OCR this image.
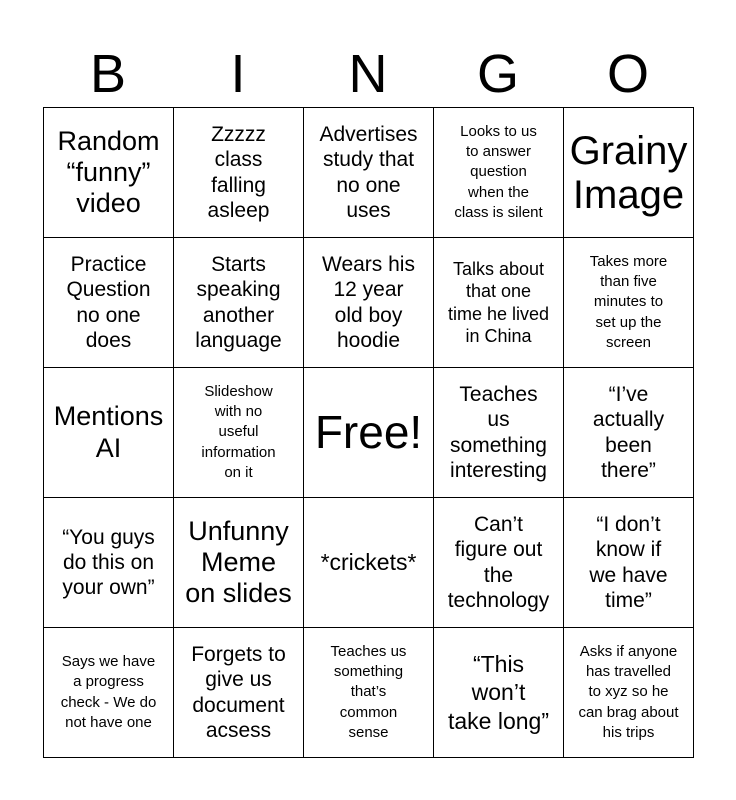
B	I	N	G	O
Random
“funny”
video	Zzzzz
class
falling
asleep	Advertises
study that
no one
uses	Looks to us
to answer
question
when the
class is silent	Grainy
Image

Practice
Question
no one
does	Starts
speaking
another
language	Wears his
12 year
old boy
hoodie	Talks about
that one
time he lived
in China	Takes more
than five
minutes to
set up the
screen

Mentions
AI	Slideshow
with no
useful
information
on it	Free!	Teaches
us
something
interesting	“I’ve
actually
been
there”

“You guys
do this on
your own”	Unfunny
Meme
on slides	*crickets*	Can’t
figure out
the
technology	“I don’t
know if
we have
time”

Says we have
a progress
check - We do
not have one	Forgets to
give us
document
acsess	Teaches us
something
that’s
common
sense	“This
won’t
take long”	Asks if anyone
has travelled
to xyz so he
can brag about
his trips
